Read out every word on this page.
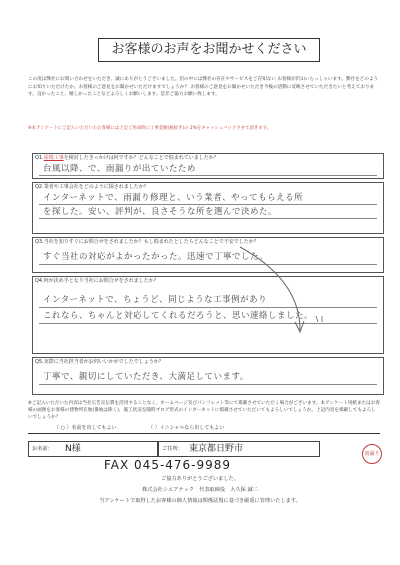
お客様のお声をお聞かせください
この度は弊社にお問い合わせをいただき、誠にありがとうございました。但の中には弊社の存在やサービスをご存知ない お客様が沢山いらっしゃいます。弊社をどのようにお知りいただけたか、お客様のご意見をお聞かせいただけますでしょうか？ お客様のご意見をお聞かせいただき今後の活動に反映させていただきたいと考えております。良かったこと、嬉しかったことなどよろしくお願いします。是非ご協力お願い致します。
※本アンケートにご記入いただいたお客様には上記ご用命時に工事金額(税抜き)の 2%をキャッシュバックさせて頂きます。
Q1.屋根工事を検討したきっかけは何ですか？どんなことで悩まれていましたか？
台風以降、で、雨漏りが出ていたため
Q2.業者や工事会社をどのように探されましたか？
インターネットで、雨漏り修理と、いう業者、やってもらえる所
を探した。安い、評判が、良さそうな所を選んで決めた。
Q3.当社を知りすぐにお問合せをされましたか？もし悩まれたとしたらどんなことで不安でしたか？
すぐ当社の対応がよかったかった。迅速で丁寧でした。
Q4.何が決め手となり当社にお問合せをされましたか？
インターネットで、ちょうど、同じような工事例があり
これなら、ちゃんと対応してくれるだろうと、思い連絡しました。
Q5.実際に当社担当者がお伺いいかがでしたでしょうか？
丁寧で、親切にしていただき、大満足しています。
※ご記入いただいた内容は当社広告宣伝費を活用することなく、ホームページ及びパンフレット等にて掲載させていただく場合がございます。本アンケート用紙またはお客様の画像をお客様の建物所在地(番地は除く)、施工状況を随時ブログ形式のインターネットに掲載させていただいてもよろしいでしょうか。上記内容を掲載してもよろしいでしょうか？
（ ○ ）名前を出してもよい	（ ）イニシャルなら出してもよい
お名前： N様	ご住所： 東京都日野市	雨漏り
FAX 045-476-9989
ご協力ありがとうございました。
株式会社シエアテック　代表取締役　大久保 誠二
当アンケートで取得したお客様の個人情報は関係法規に基づき厳重に管理いたします。
